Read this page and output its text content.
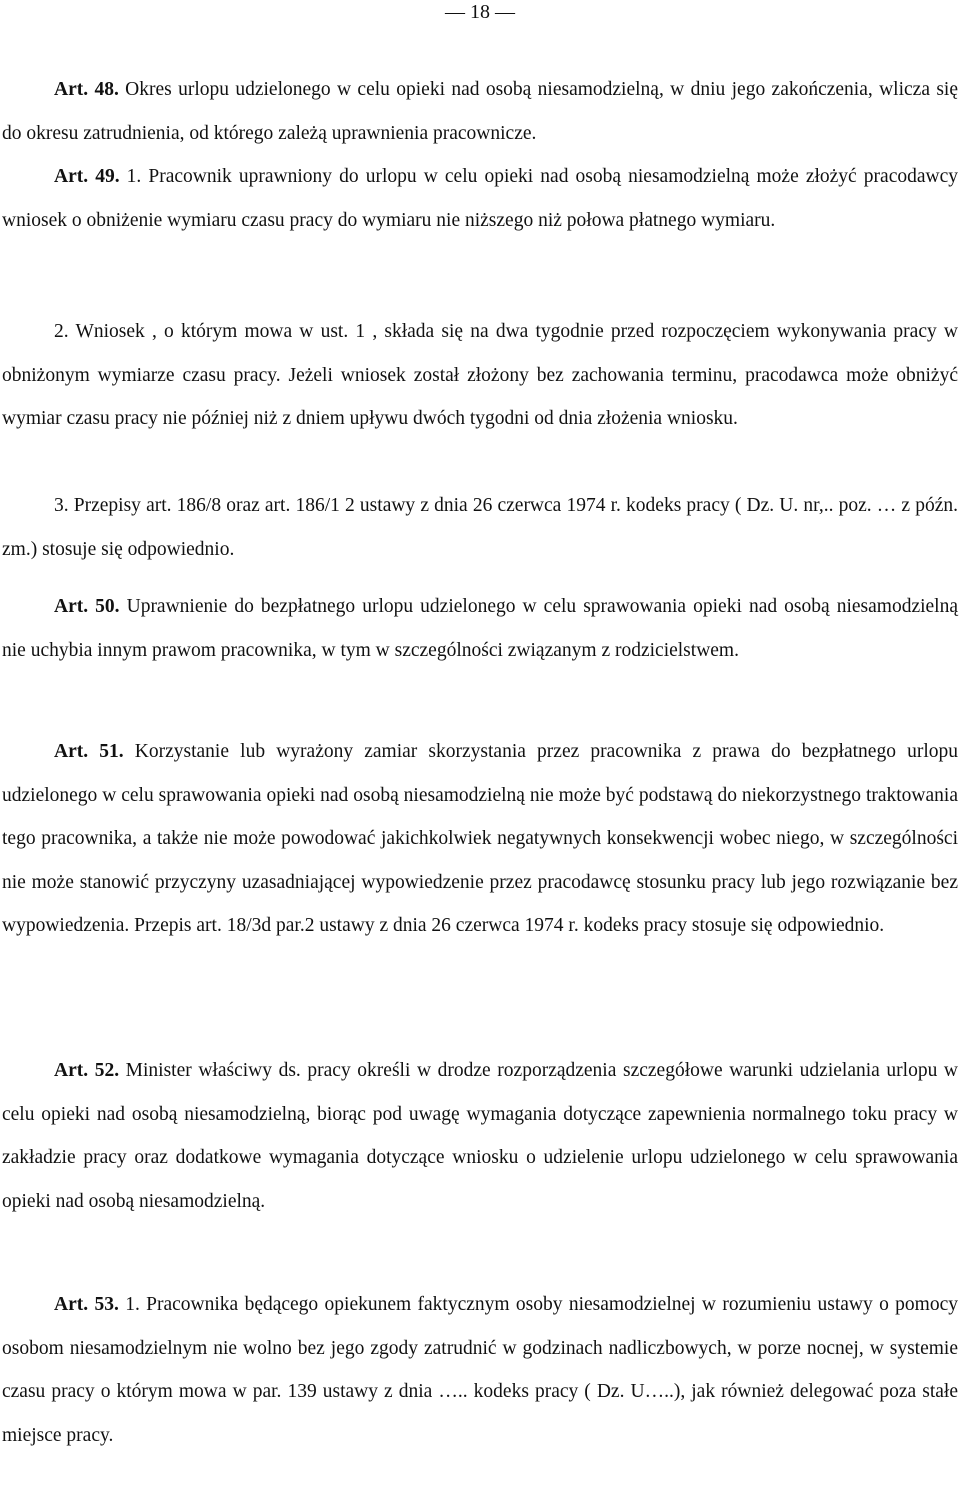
— 18 —

Art. 48. Okres urlopu udzielonego w celu opieki nad osobą niesamodzielną, w dniu jego zakończenia, wlicza się do okresu zatrudnienia, od którego zależą uprawnienia pracownicze.

Art. 49. 1. Pracownik uprawniony do urlopu w celu opieki nad osobą niesamodzielną może złożyć pracodawcy wniosek o obniżenie wymiaru czasu pracy do wymiaru nie niższego niż połowa płatnego wymiaru.

2. Wniosek , o którym mowa w ust. 1 , składa się na dwa tygodnie przed rozpoczęciem wykonywania pracy w obniżonym wymiarze czasu pracy. Jeżeli wniosek został złożony bez zachowania terminu, pracodawca może obniżyć wymiar czasu pracy nie później niż z dniem upływu dwóch tygodni od dnia złożenia wniosku.

3. Przepisy art. 186/8 oraz art. 186/1 2 ustawy z dnia 26 czerwca 1974 r. kodeks pracy ( Dz. U. nr,.. poz. … z późn. zm.) stosuje się odpowiednio.

Art. 50. Uprawnienie do bezpłatnego urlopu udzielonego w celu sprawowania opieki nad osobą niesamodzielną nie uchybia innym prawom pracownika, w tym w szczególności związanym z rodzicielstwem.

Art. 51. Korzystanie lub wyrażony zamiar skorzystania przez pracownika z prawa do bezpłatnego urlopu udzielonego w celu sprawowania opieki nad osobą niesamodzielną nie może być podstawą do niekorzystnego traktowania tego pracownika, a także nie może powodować jakichkolwiek negatywnych konsekwencji wobec niego, w szczególności nie może stanowić przyczyny uzasadniającej wypowiedzenie przez pracodawcę stosunku pracy lub jego rozwiązanie bez wypowiedzenia. Przepis art. 18/3d par.2 ustawy z dnia 26 czerwca 1974 r. kodeks pracy stosuje się odpowiednio.

Art. 52. Minister właściwy ds. pracy określi w drodze rozporządzenia szczegółowe warunki udzielania urlopu w celu opieki nad osobą niesamodzielną, biorąc pod uwagę wymagania dotyczące zapewnienia normalnego toku pracy w zakładzie pracy oraz dodatkowe wymagania dotyczące wniosku o udzielenie urlopu udzielonego w celu sprawowania opieki nad osobą niesamodzielną.

Art. 53. 1. Pracownika będącego opiekunem faktycznym osoby niesamodzielnej w rozumieniu ustawy o pomocy osobom niesamodzielnym nie wolno bez jego zgody zatrudnić w godzinach nadliczbowych, w porze nocnej, w systemie czasu pracy o którym mowa w par. 139 ustawy z dnia ….. kodeks pracy ( Dz. U…..), jak również delegować poza stałe miejsce pracy.
